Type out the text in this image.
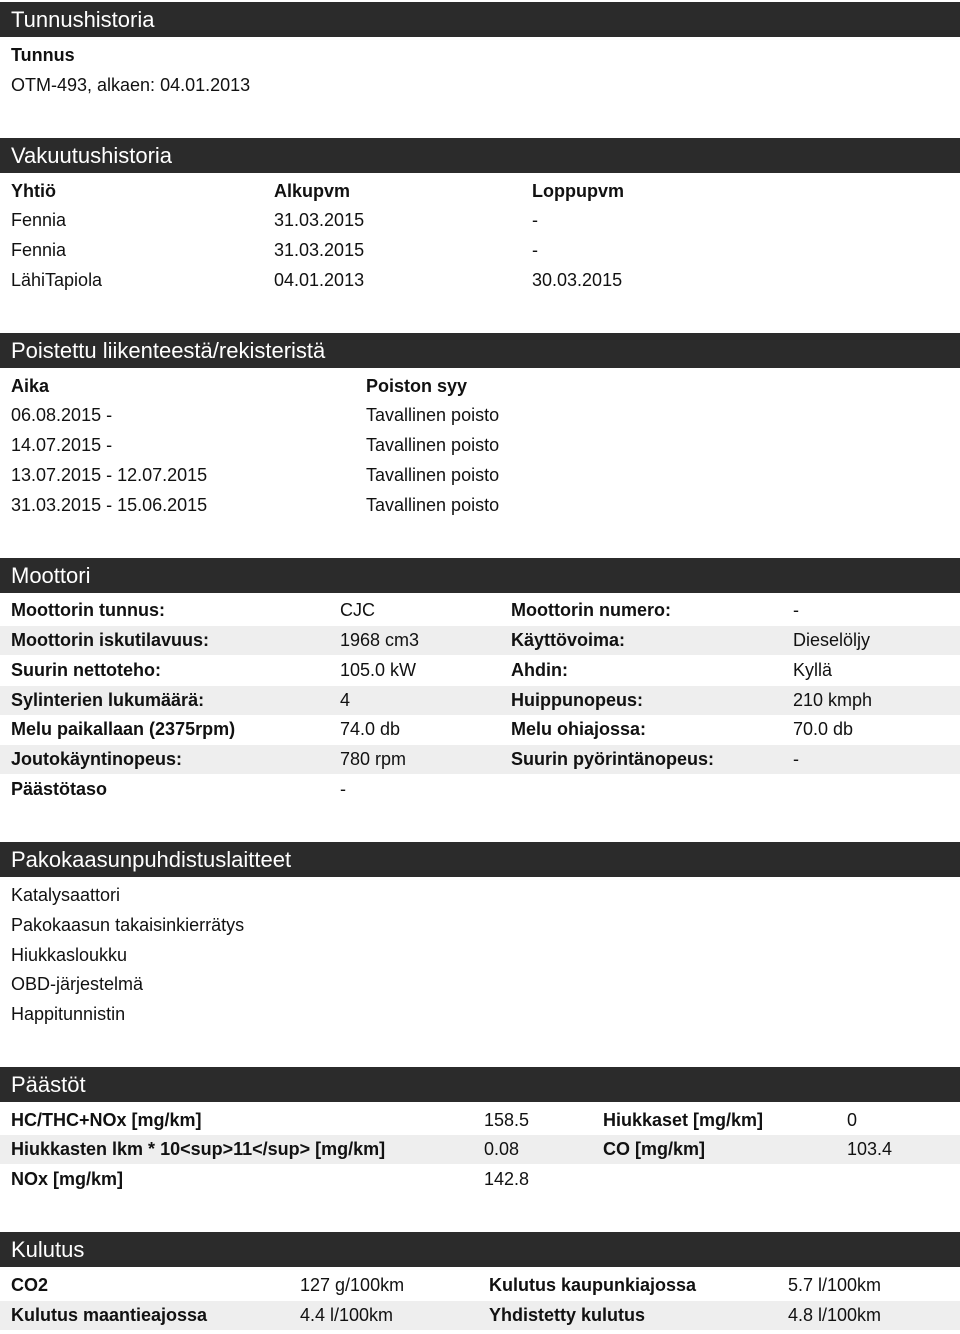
Tunnushistoria
Tunnus
OTM-493, alkaen: 04.01.2013
Vakuutushistoria
Yhtiö	Alkupvm	Loppupvm
Fennia	31.03.2015	-
Fennia	31.03.2015	-
LähiTapiola	04.01.2013	30.03.2015
Poistettu liikenteestä/rekisteristä
Aika	Poiston syy
06.08.2015 -	Tavallinen poisto
14.07.2015 -	Tavallinen poisto
13.07.2015 - 12.07.2015	Tavallinen poisto
31.03.2015 - 15.06.2015	Tavallinen poisto
Moottori
Moottorin tunnus:	CJC	Moottorin numero:	-
Moottorin iskutilavuus:	1968 cm3	Käyttövoima:	Dieselöljy
Suurin nettoteho:	105.0 kW	Ahdin:	Kyllä
Sylinterien lukumäärä:	4	Huippunopeus:	210 kmph
Melu paikallaan (2375rpm)	74.0 db	Melu ohiajossa:	70.0 db
Joutokäyntinopeus:	780 rpm	Suurin pyörintänopeus:	-
Päästötaso	-
Pakokaasunpuhdistuslaitteet
Katalysaattori
Pakokaasun takaisinkierrätys
Hiukkasloukku
OBD-järjestelmä
Happitunnistin
Päästöt
HC/THC+NOx [mg/km]	158.5	Hiukkaset [mg/km]	0
Hiukkasten lkm * 10<sup>11</sup> [mg/km]	0.08	CO [mg/km]	103.4
NOx [mg/km]	142.8
Kulutus
CO2	127 g/100km	Kulutus kaupunkiajossa	5.7 l/100km
Kulutus maantieajossa	4.4 l/100km	Yhdistetty kulutus	4.8 l/100km
